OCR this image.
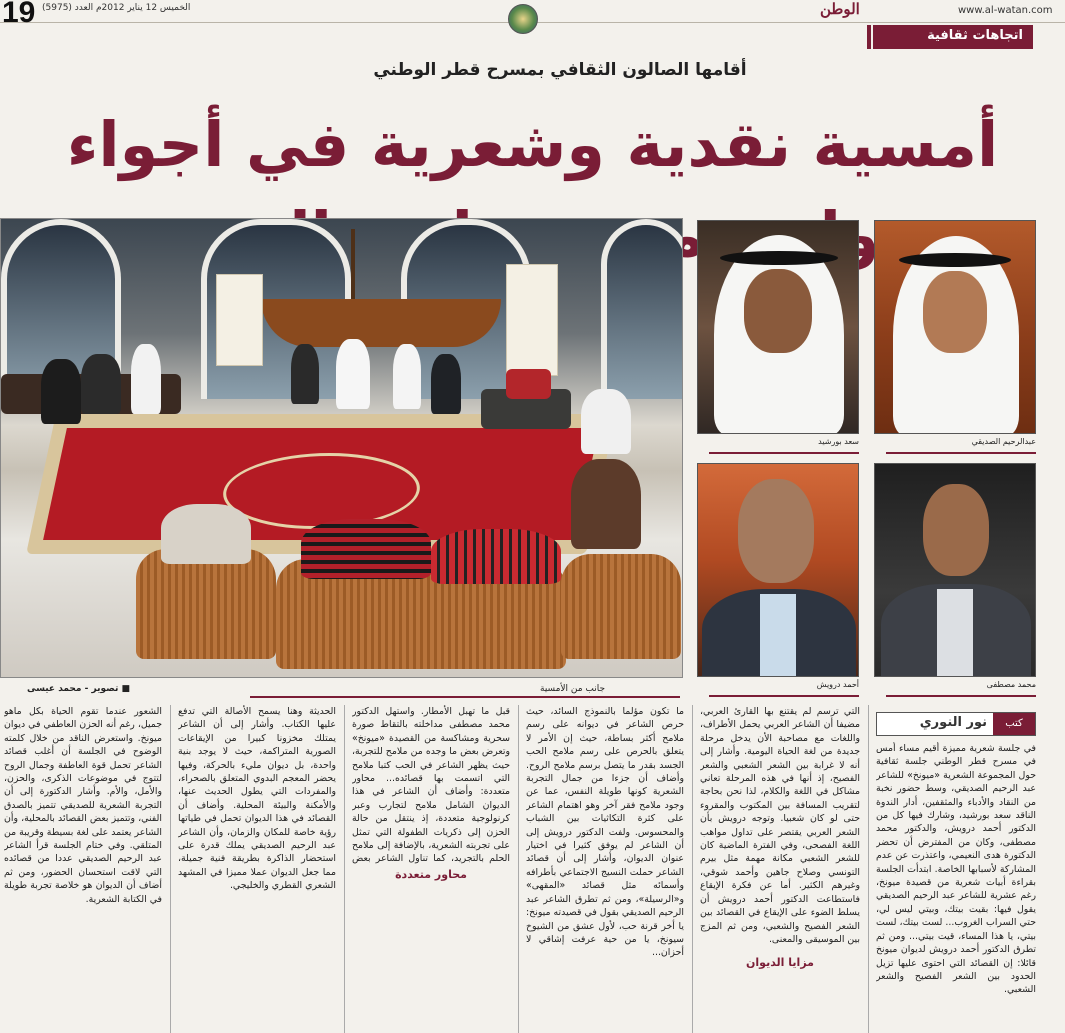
19 الخميس 12 يناير 2012م العدد (5975)	الوطن	www.al-watan.com
اتجاهات ثقافية
أقامها الصالون الثقافي بمسرح قطر الوطني
أمسية نقدية وشعرية في أجواء
جانب من الأمسية
■ تصوير - محمد عيسى
عبدالرحيم الصديقي
سعد بورشيد
محمد مصطفى
أحمد درويش
كتب
نور النوري
في جلسة شعرية مميزة أقيم مساء أمس في مسرح قطر الوطني جلسة ثقافية حول المجموعة الشعرية «ميونخ» للشاعر عبد الرحيم الصديقي، وسط حضور نخبة من النقاد والأدباء والمثقفين، أدار الندوة الناقد سعد بورشيد، وشارك فيها كل من الدكتور أحمد درويش، والدكتور محمد مصطفى، وكان من المفترض أن تحضر الدكتورة هدى النعيمي، واعتذرت عن عدم المشاركة لأسبابها الخاصة. ابتدأت الجلسة بقراءة أبيات شعرية من قصيدة ميونخ، رغم عشرية للشاعر عبد الرحيم الصديقي يقول فيها: بقيت بيتك، وبيتي ليس لي، حتي السراب الغروب... لست بيتك، لست بيتي، يا هذا المساء، قيت بيتي... ومن ثم تطرق الدكتور أحمد درويش لديوان ميونخ قائلا: إن القصائد التي احتوى عليها تزيل الحدود بين الشعر الفصيح والشعر الشعبي.
التي ترسم لم يقتنع بها القارئ العربي، مضيفا أن الشاعر العربي يحمل الأطراف، واللغات مع مصاحبة الأن يدخل مرحلة جديدة من لغة الحياة اليومية. وأشار إلى أنه لا غرابة بين الشعر الشعبي والشعر الفصيح، إذ أنها في هذه المرحلة تعاني مشاكل في اللغة والكلام، لذا نحن بحاجة لتقريب المسافة بين المكتوب والمقروء حتى لو كان شعبيا. وتوجه درويش بأن الشعر العربي يقتصر على تداول مواهب اللغة الفصحى، وفي الفترة الماضية كان للشعر الشعبي مكانة مهمة مثل بيرم التونسي وصلاح جاهين وأحمد شوقي، وغيرهم الكثير. أما عن فكرة الإيقاع فاستطاعت الدكتور أحمد درويش أن يسلط الضوء على الإيقاع في القصائد بين الشعر الفصيح والشعبي، ومن ثم المزج بين الموسيقى والمعنى.
مزايا الديوان
ما تكون مؤلما بالنموذج السائد، حيث حرص الشاعر في ديوانه على رسم ملامح أكثر بساطة، حيث إن الأمر لا يتعلق بالحرص على رسم ملامح الحب الجسد بقدر ما يتصل برسم ملامح الروح. وأضاف أن جزءا من جمال التجربة الشعرية كونها طويلة النفس، عما عن وجود ملامح فقر آخر وهو اهتمام الشاعر على كثرة التكاثيات بين الشباب والمحسوس. ولفت الدكتور درويش إلى أن الشاعر لم يوفق كثيرا في اختيار عنوان الديوان، وأشار إلى أن قصائد الشاعر حملت النسيج الاجتماعي بأطرافه وأسمائه مثل قصائد «المقهى» و«الرسيلة»، ومن ثم تطرق الشاعر عبد الرحيم الصديقي بقول في قصيدته ميونخ: يا أخر قرنة حب، لأول عشق من الشيوخ سيونخ، يا من حية عرفت إشاقي لا أحزان...
قبل ما تهبل الأمطار. واستهل الدكتور محمد مصطفى مداخلته بالتقاط صورة سحرية ومشاكسة من القصيدة «ميونخ» وتعرض بعض ما وجده من ملامح للتجربة، حيث يظهر الشاعر في الحب كتبا ملامح التي اتسمت بها قصائده... محاور متعددة: وأضاف أن الشاعر في هذا الديوان الشامل ملامح لتجارب وعبر كرنولوجية متعددة، إذ ينتقل من حالة الحزن إلى ذكريات الطفولة التي تمثل على تجربته الشعرية، بالإضافة إلى ملامح الحلم بالتجريد، كما تناول الشاعر بعض
محاور متعددة
الحديثة وهنا يسمح الأصالة التي تدفع عليها الكتاب. وأشار إلى أن الشاعر يمتلك مخزونا كبيرا من الإيقاعات الصورية المتراكمة، حيث لا يوجد بنية واحدة، بل ديوان مليء بالحركة، وفيها يحضر المعجم البدوي المتعلق بالصحراء، والمفردات التي يطول الحديث عنها، والأمكنة والبيئة المحلية. وأضاف أن القصائد في هذا الديوان تحمل في طياتها رؤية خاصة للمكان والزمان، وأن الشاعر عبد الرحيم الصديقي يملك قدرة على استحضار الذاكرة بطريقة فنية جميلة، مما جعل الديوان عملا مميزا في المشهد الشعري القطري والخليجي.
الشعور عندما تقوم الحياة بكل ماهو جميل، رغم أنه الحزن العاطفي في ديوان ميونخ. واستعرض الناقد من خلال كلمته الوضوح في الجلسة أن أغلب قصائد الشاعر تحمل قوة العاطفة وجمال الروح لتتوج في موضوعات الذكرى، والحزن، والأمل، والأم. وأشار الدكتورة إلى أن التجربة الشعرية للصديقي تتميز بالصدق الفني، وتتميز بعض القصائد بالمحلية، وأن الشاعر يعتمد على لغة بسيطة وقريبة من المتلقي. وفي ختام الجلسة قرأ الشاعر عبد الرحيم الصديقي عددا من قصائده التي لاقت استحسان الحضور، ومن ثم أضاف أن الديوان هو خلاصة تجربة طويلة في الكتابة الشعرية.
